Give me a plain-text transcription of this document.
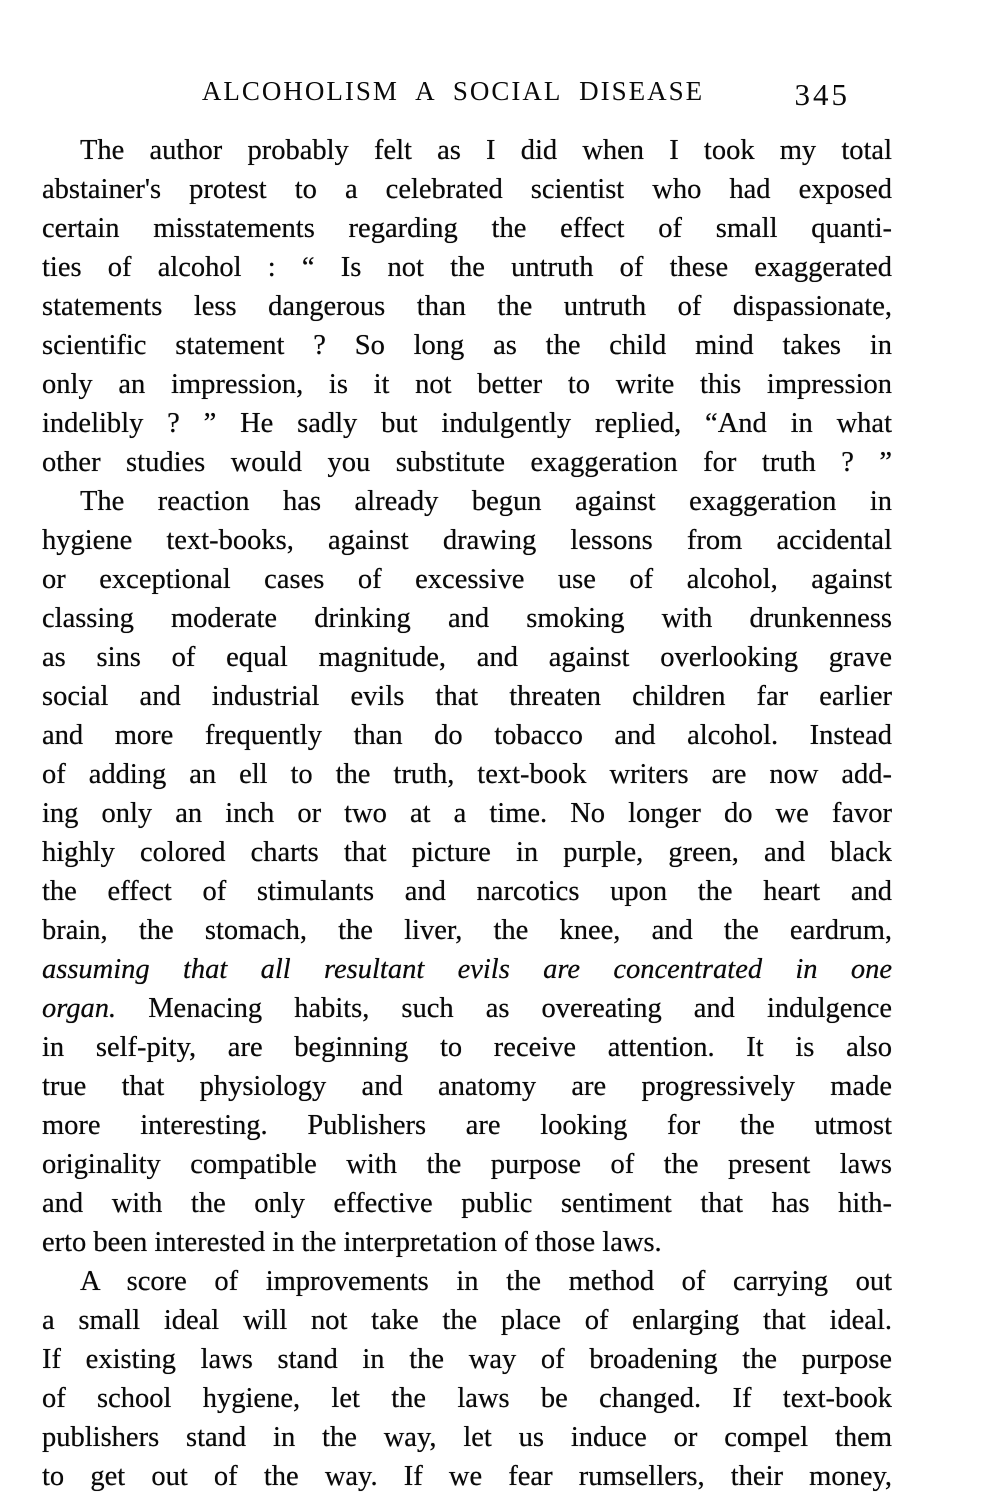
ALCOHOLISM A SOCIAL DISEASE	345
The author probably felt as I did when I took my total
abstainer's protest to a celebrated scientist who had exposed
certain misstatements regarding the effect of small quanti-
ties of alcohol : “ Is not the untruth of these exaggerated
statements less dangerous than the untruth of dispassionate,
scientific statement ? So long as the child mind takes in
only an impression, is it not better to write this impression
indelibly ? ” He sadly but indulgently replied, “And in what
other studies would you substitute exaggeration for truth ? ”
The reaction has already begun against exaggeration in
hygiene text-books, against drawing lessons from accidental
or exceptional cases of excessive use of alcohol, against
classing moderate drinking and smoking with drunkenness
as sins of equal magnitude, and against overlooking grave
social and industrial evils that threaten children far earlier
and more frequently than do tobacco and alcohol. Instead
of adding an ell to the truth, text-book writers are now add-
ing only an inch or two at a time. No longer do we favor
highly colored charts that picture in purple, green, and black
the effect of stimulants and narcotics upon the heart and
brain, the stomach, the liver, the knee, and the eardrum,
assuming that all resultant evils are concentrated in one
organ. Menacing habits, such as overeating and indulgence
in self-pity, are beginning to receive attention. It is also
true that physiology and anatomy are progressively made
more interesting. Publishers are looking for the utmost
originality compatible with the purpose of the present laws
and with the only effective public sentiment that has hith-
erto been interested in the interpretation of those laws.
A score of improvements in the method of carrying out
a small ideal will not take the place of enlarging that ideal.
If existing laws stand in the way of broadening the purpose
of school hygiene, let the laws be changed. If text-book
publishers stand in the way, let us induce or compel them
to get out of the way. If we fear rumsellers, their money,
